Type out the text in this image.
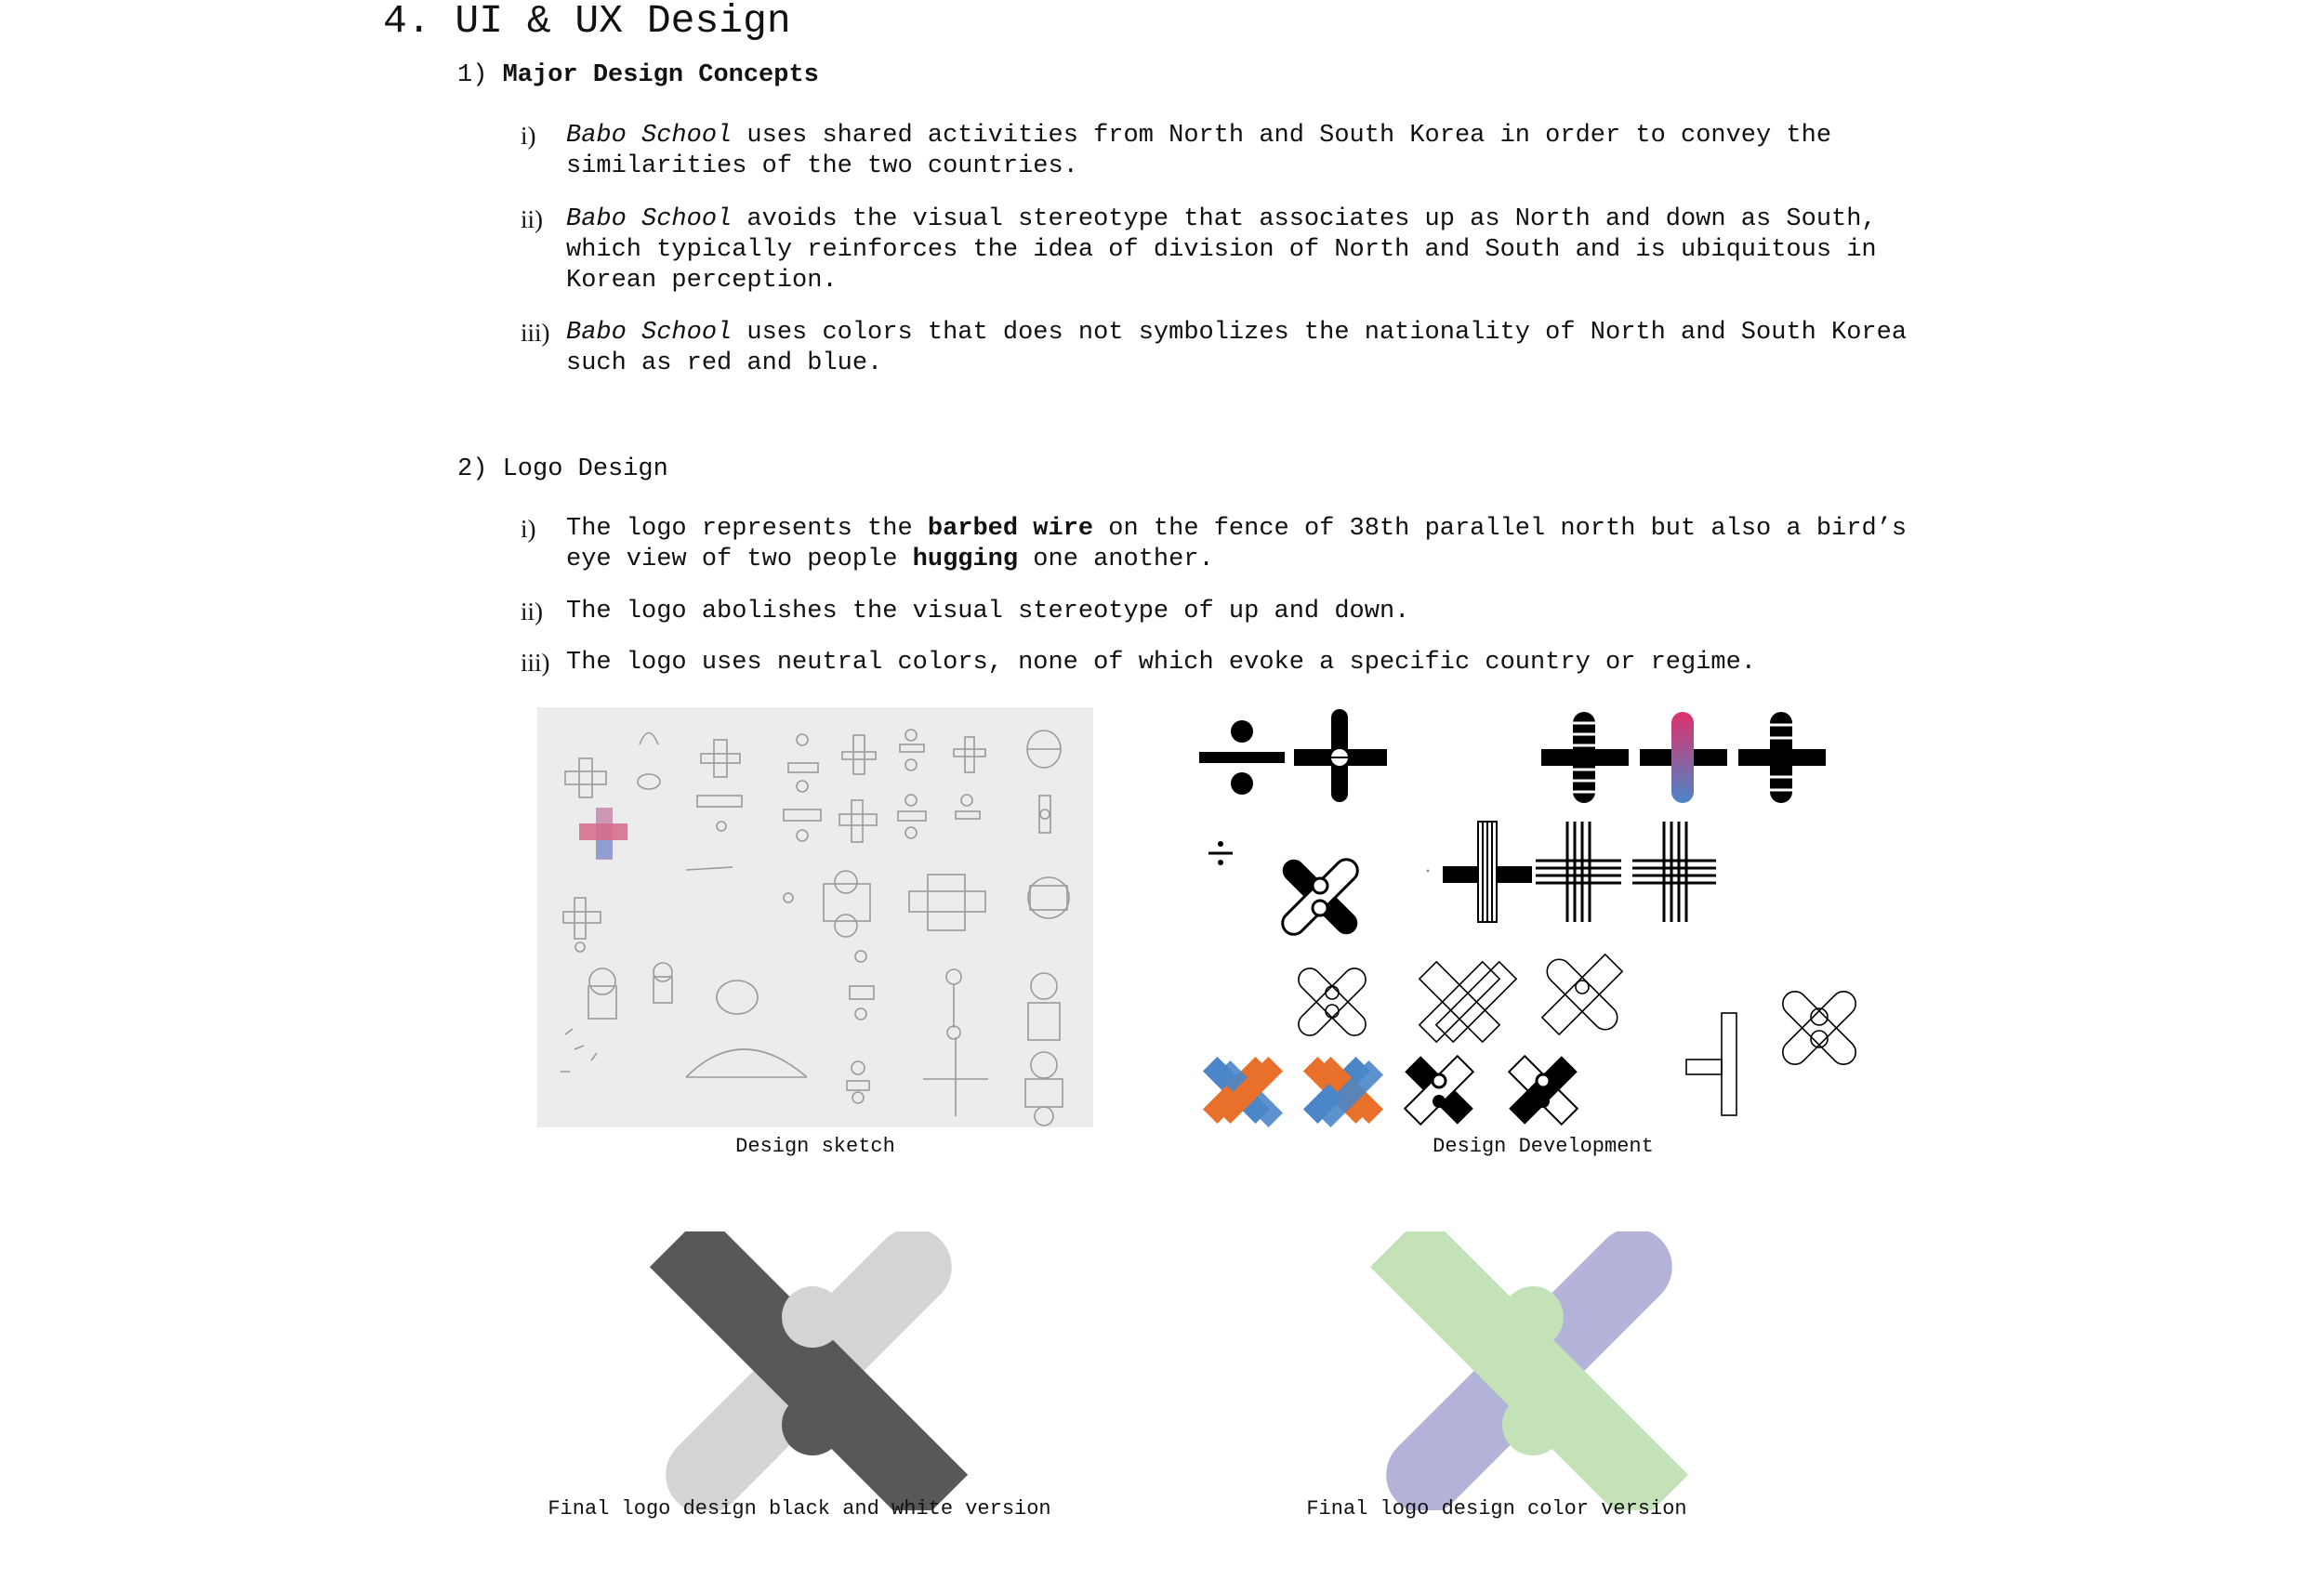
4. UI & UX Design
1) Major Design Concepts
i) Babo School uses shared activities from North and South Korea in order to convey the similarities of the two countries.
ii) Babo School avoids the visual stereotype that associates up as North and down as South, which typically reinforces the idea of division of North and South and is ubiquitous in Korean perception.
iii) Babo School uses colors that does not symbolizes the nationality of North and South Korea such as red and blue.
2) Logo Design
i) The logo represents the barbed wire on the fence of 38th parallel north but also a bird’s eye view of two people hugging one another.
ii) The logo abolishes the visual stereotype of up and down.
iii) The logo uses neutral colors, none of which evoke a specific country or regime.
Design sketch	Design Development
Final logo design black and white version	Final logo design color version
